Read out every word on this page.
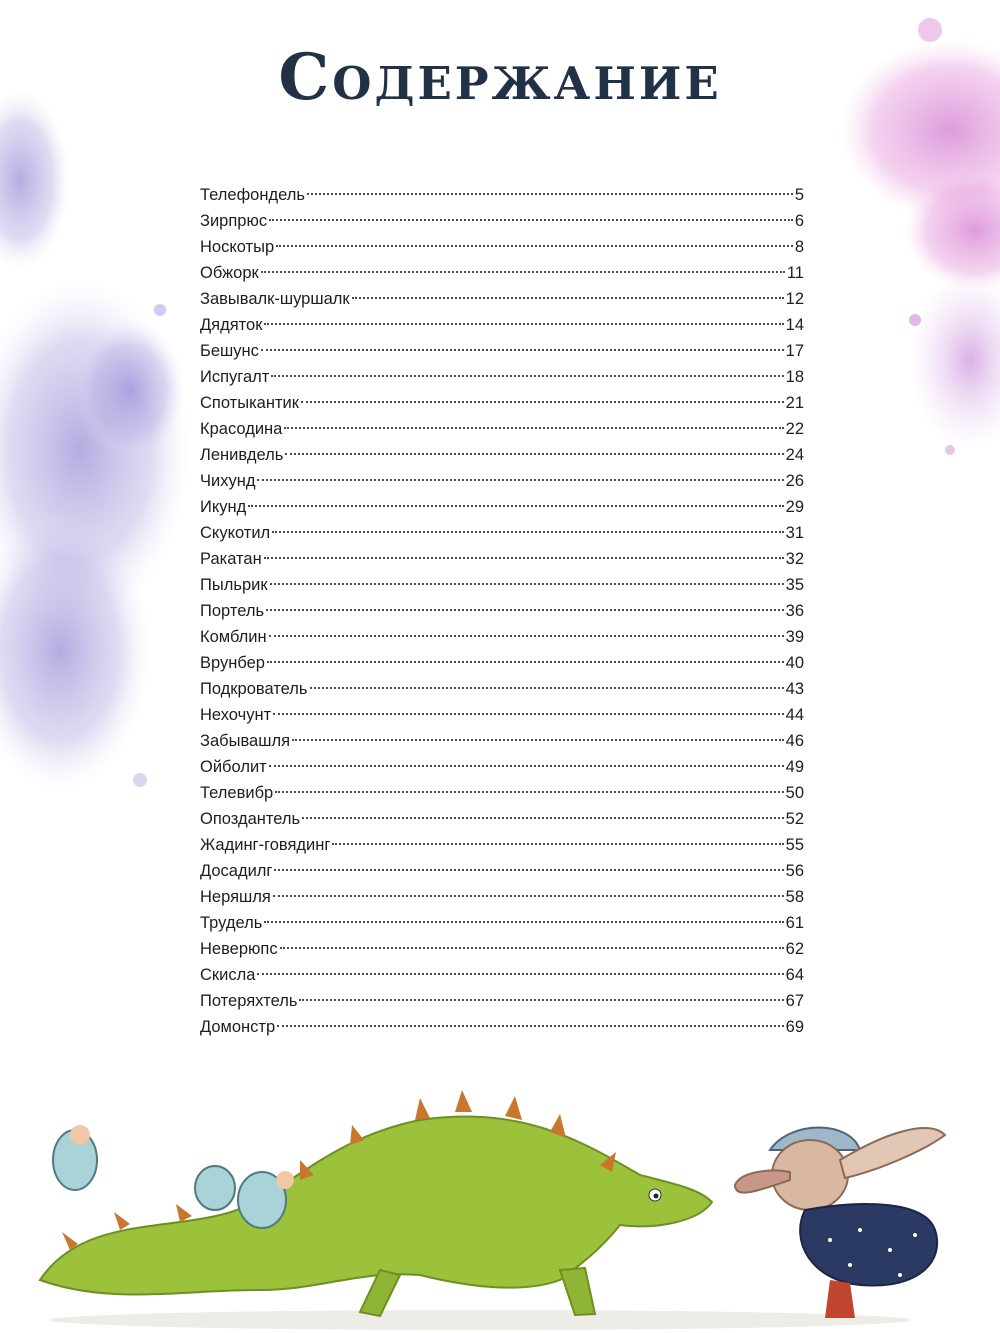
Содержание
Телефондель	5
Зирпрюс	6
Носкотыр	8
Обжорк	11
Завывалк-шуршалк	12
Дядяток	14
Бешунс	17
Испугалт	18
Спотыкантик	21
Красодина	22
Ленивдель	24
Чихунд	26
Икунд	29
Скукотил	31
Ракатан	32
Пыльрик	35
Портель	36
Комблин	39
Врунбер	40
Подкрователь	43
Нехочунт	44
Забывашля	46
Ойболит	49
Телевибр	50
Опоздантель	52
Жадинг-говядинг	55
Досадилг	56
Неряшля	58
Трудель	61
Неверюпс	62
Скисла	64
Потеряхтель	67
Домонстр	69
